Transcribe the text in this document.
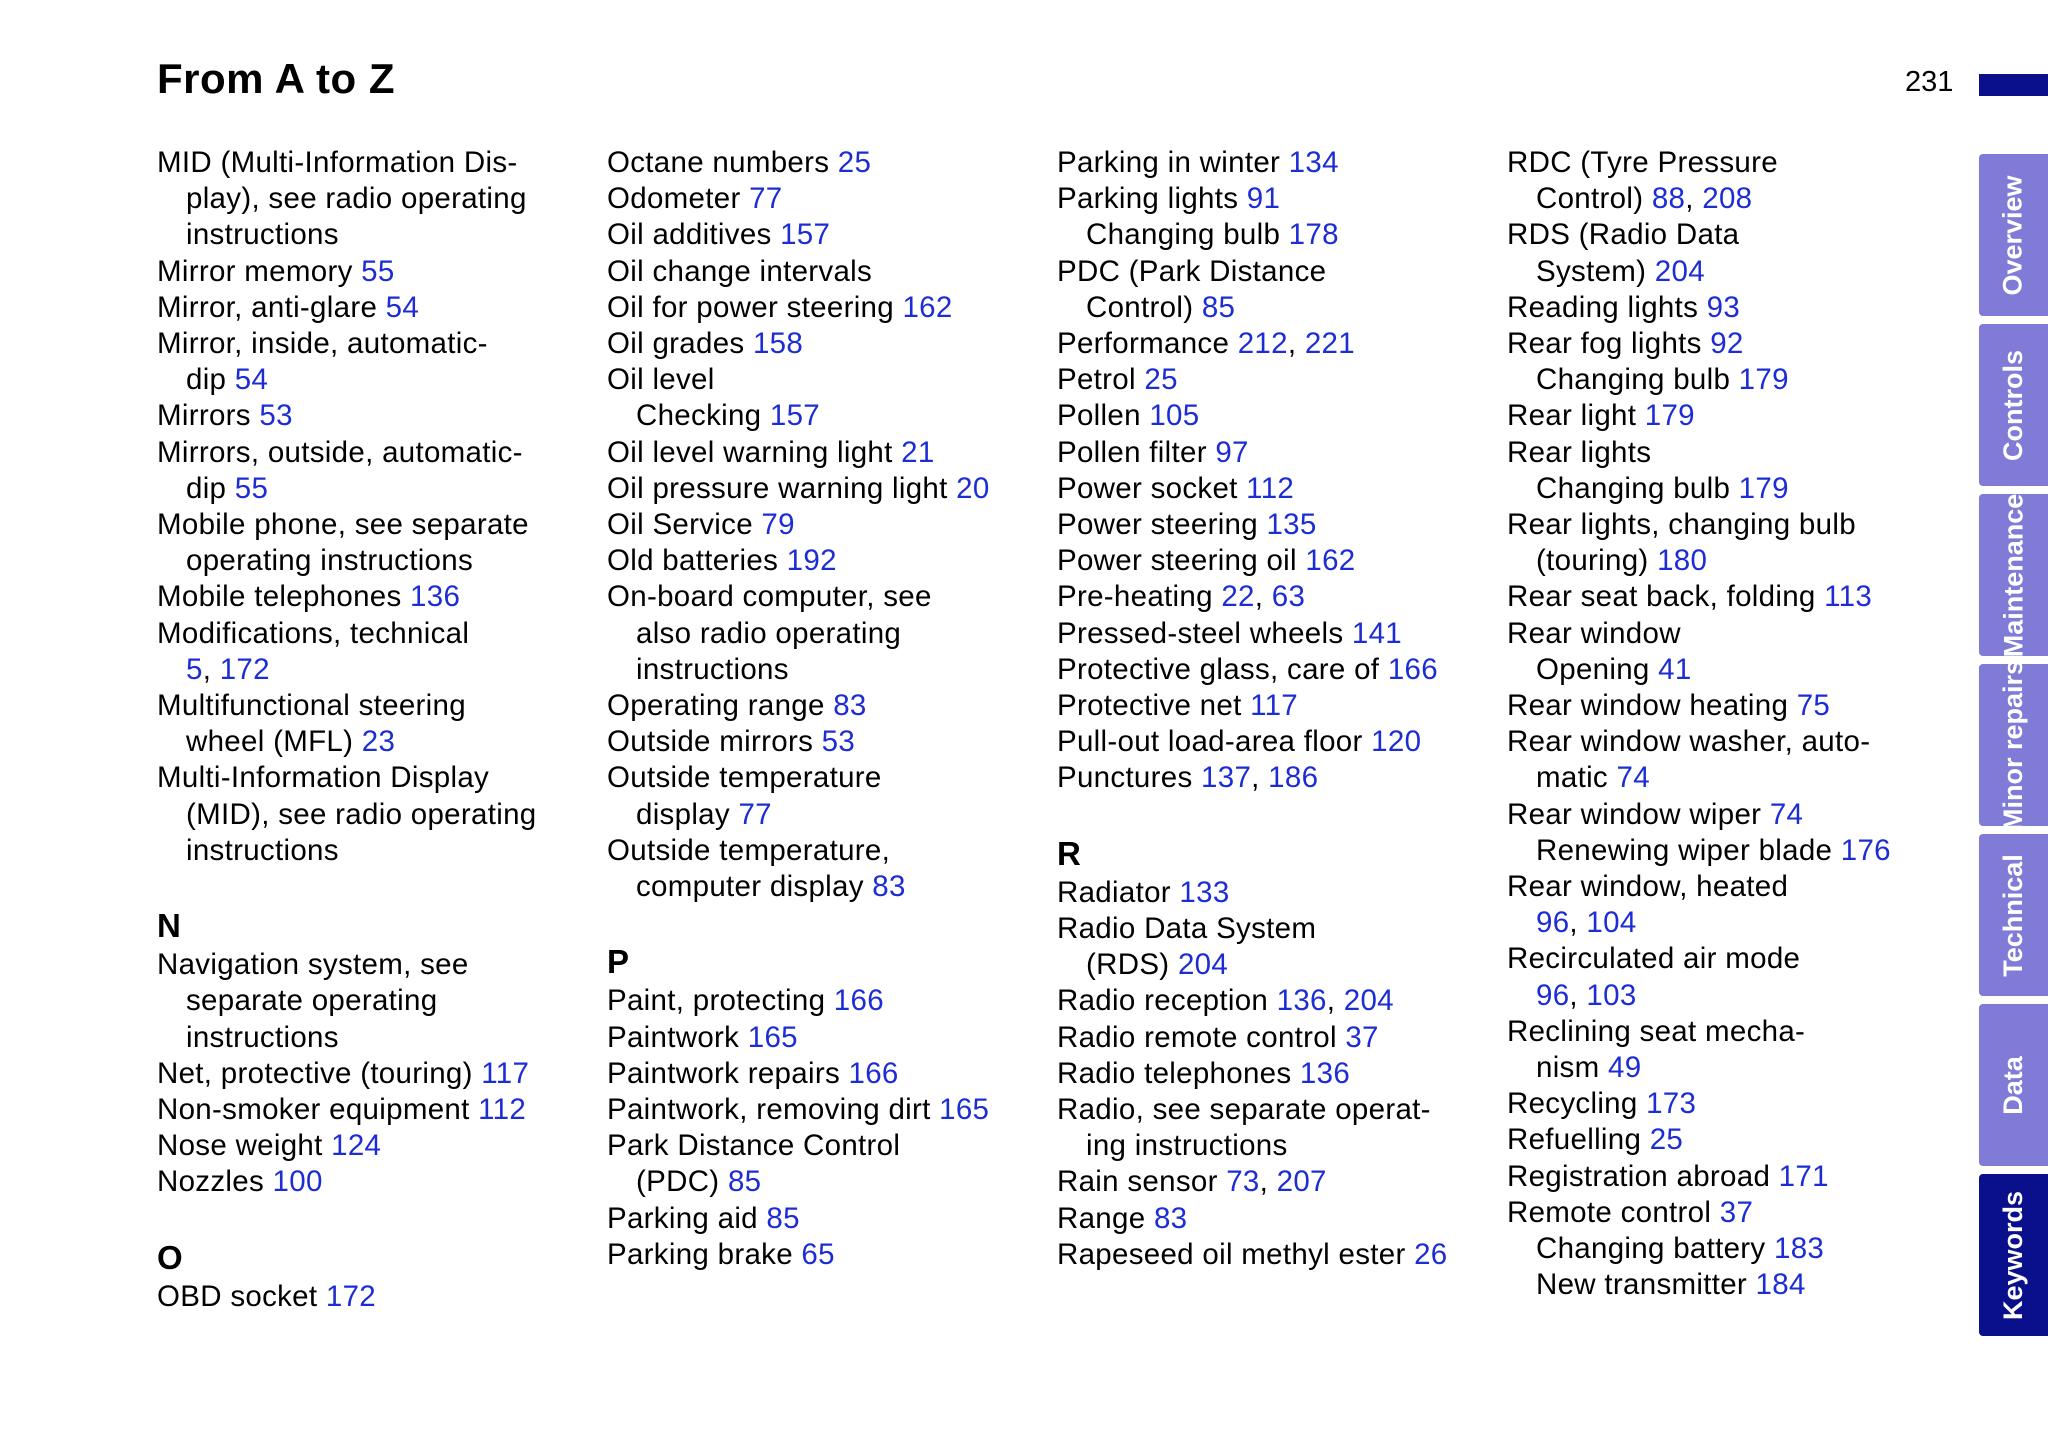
From A to Z	231
MID (Multi-Information Dis-
play), see radio operating
instructions
Mirror memory 55
Mirror, anti-glare 54
Mirror, inside, automatic-
dip 54
Mirrors 53
Mirrors, outside, automatic-
dip 55
Mobile phone, see separate
operating instructions
Mobile telephones 136
Modifications, technical
5, 172
Multifunctional steering
wheel (MFL) 23
Multi-Information Display
(MID), see radio operating
instructions
N
Navigation system, see
separate operating
instructions
Net, protective (touring) 117
Non-smoker equipment 112
Nose weight 124
Nozzles 100
O
OBD socket 172
Octane numbers 25
Odometer 77
Oil additives 157
Oil change intervals
Oil for power steering 162
Oil grades 158
Oil level
Checking 157
Oil level warning light 21
Oil pressure warning light 20
Oil Service 79
Old batteries 192
On-board computer, see
also radio operating
instructions
Operating range 83
Outside mirrors 53
Outside temperature
display 77
Outside temperature,
computer display 83
P
Paint, protecting 166
Paintwork 165
Paintwork repairs 166
Paintwork, removing dirt 165
Park Distance Control
(PDC) 85
Parking aid 85
Parking brake 65
Parking in winter 134
Parking lights 91
Changing bulb 178
PDC (Park Distance
Control) 85
Performance 212, 221
Petrol 25
Pollen 105
Pollen filter 97
Power socket 112
Power steering 135
Power steering oil 162
Pre-heating 22, 63
Pressed-steel wheels 141
Protective glass, care of 166
Protective net 117
Pull-out load-area floor 120
Punctures 137, 186
R
Radiator 133
Radio Data System
(RDS) 204
Radio reception 136, 204
Radio remote control 37
Radio telephones 136
Radio, see separate operat-
ing instructions
Rain sensor 73, 207
Range 83
Rapeseed oil methyl ester 26
RDC (Tyre Pressure
Control) 88, 208
RDS (Radio Data
System) 204
Reading lights 93
Rear fog lights 92
Changing bulb 179
Rear light 179
Rear lights
Changing bulb 179
Rear lights, changing bulb
(touring) 180
Rear seat back, folding 113
Rear window
Opening 41
Rear window heating 75
Rear window washer, auto-
matic 74
Rear window wiper 74
Renewing wiper blade 176
Rear window, heated
96, 104
Recirculated air mode
96, 103
Reclining seat mecha-
nism 49
Recycling 173
Refuelling 25
Registration abroad 171
Remote control 37
Changing battery 183
New transmitter 184
Overview
Controls
Maintenance
Minor repairs
Technical
Data
Keywords
